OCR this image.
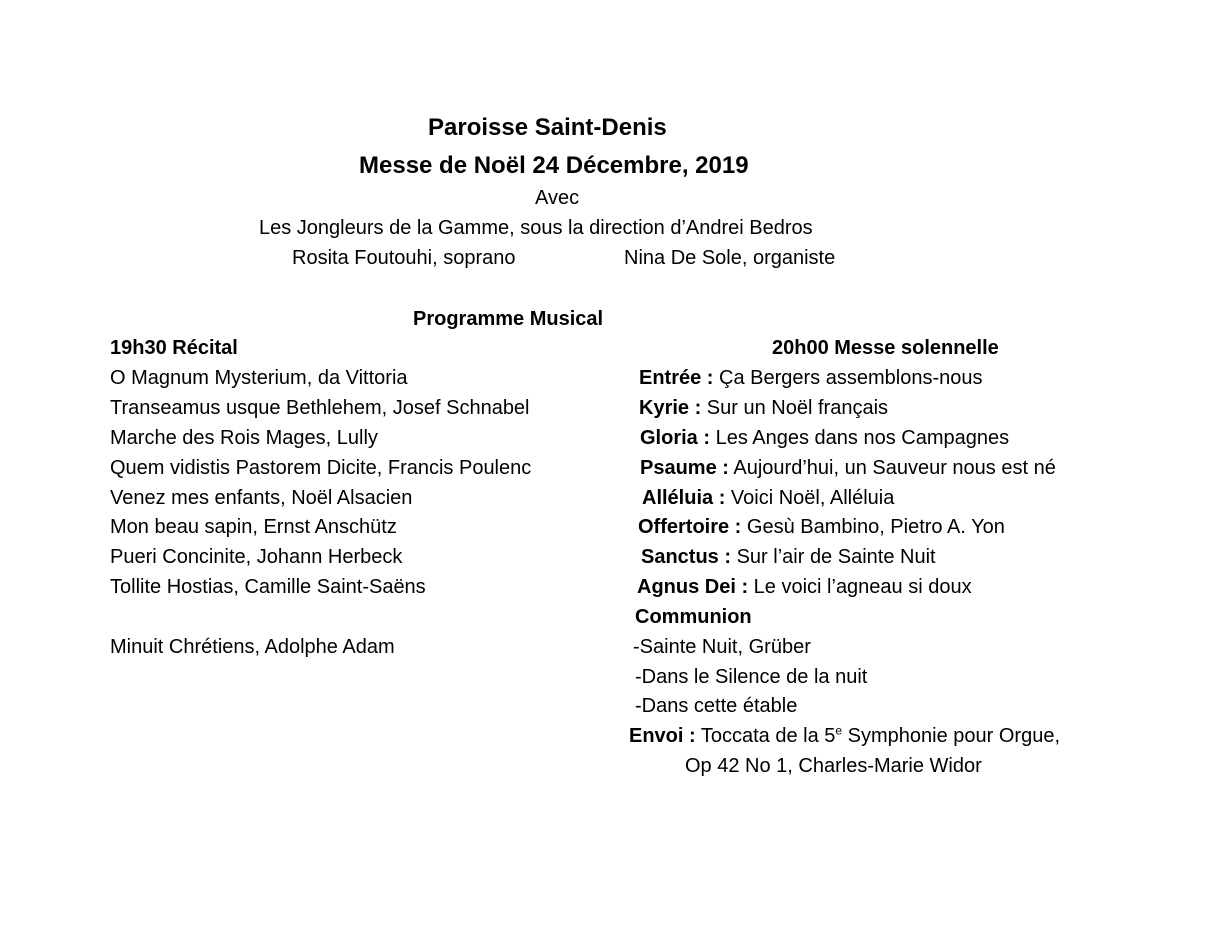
Paroisse Saint-Denis
Messe de Noël 24 Décembre, 2019
Avec
Les Jongleurs de la Gamme, sous la direction d’Andrei Bedros
Rosita Foutouhi, soprano	Nina De Sole, organiste
Programme Musical
19h30 Récital
O Magnum Mysterium, da Vittoria
Transeamus usque Bethlehem, Josef Schnabel
Marche des Rois Mages, Lully
Quem vidistis Pastorem Dicite, Francis Poulenc
Venez mes enfants, Noël Alsacien
Mon beau sapin, Ernst Anschütz
Pueri Concinite, Johann Herbeck
Tollite Hostias, Camille Saint-Saëns
Minuit Chrétiens, Adolphe Adam
20h00 Messe solennelle
Entrée : Ça Bergers assemblons-nous
Kyrie : Sur un Noël français
Gloria : Les Anges dans nos Campagnes
Psaume : Aujourd’hui, un Sauveur nous est né
Alléluia : Voici Noël, Alléluia
Offertoire : Gesù Bambino, Pietro A. Yon
Sanctus : Sur l’air de Sainte Nuit
Agnus Dei : Le voici l’agneau si doux
Communion
-Sainte Nuit, Grüber
-Dans le Silence de la nuit
-Dans cette étable
Envoi : Toccata de la 5e Symphonie pour Orgue,
Op 42 No 1, Charles-Marie Widor
